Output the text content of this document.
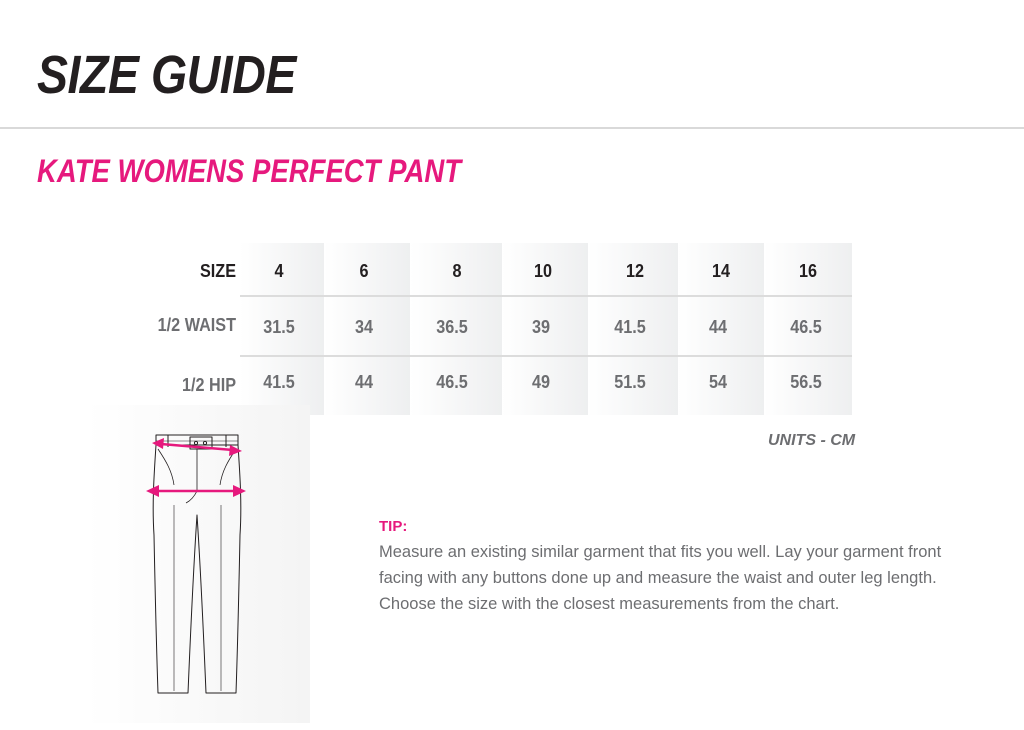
SIZE GUIDE
KATE WOMENS PERFECT PANT
SIZE	4	6	8	10	12	14	16
1/2 WAIST	31.5	34	36.5	39	41.5	44	46.5
1/2 HIP	41.5	44	46.5	49	51.5	54	56.5
UNITS - CM

TIP:

Measure an existing similar garment that fits you well. Lay your garment front facing with any buttons done up and measure the waist and outer leg length. Choose the size with the closest measurements from the chart.
